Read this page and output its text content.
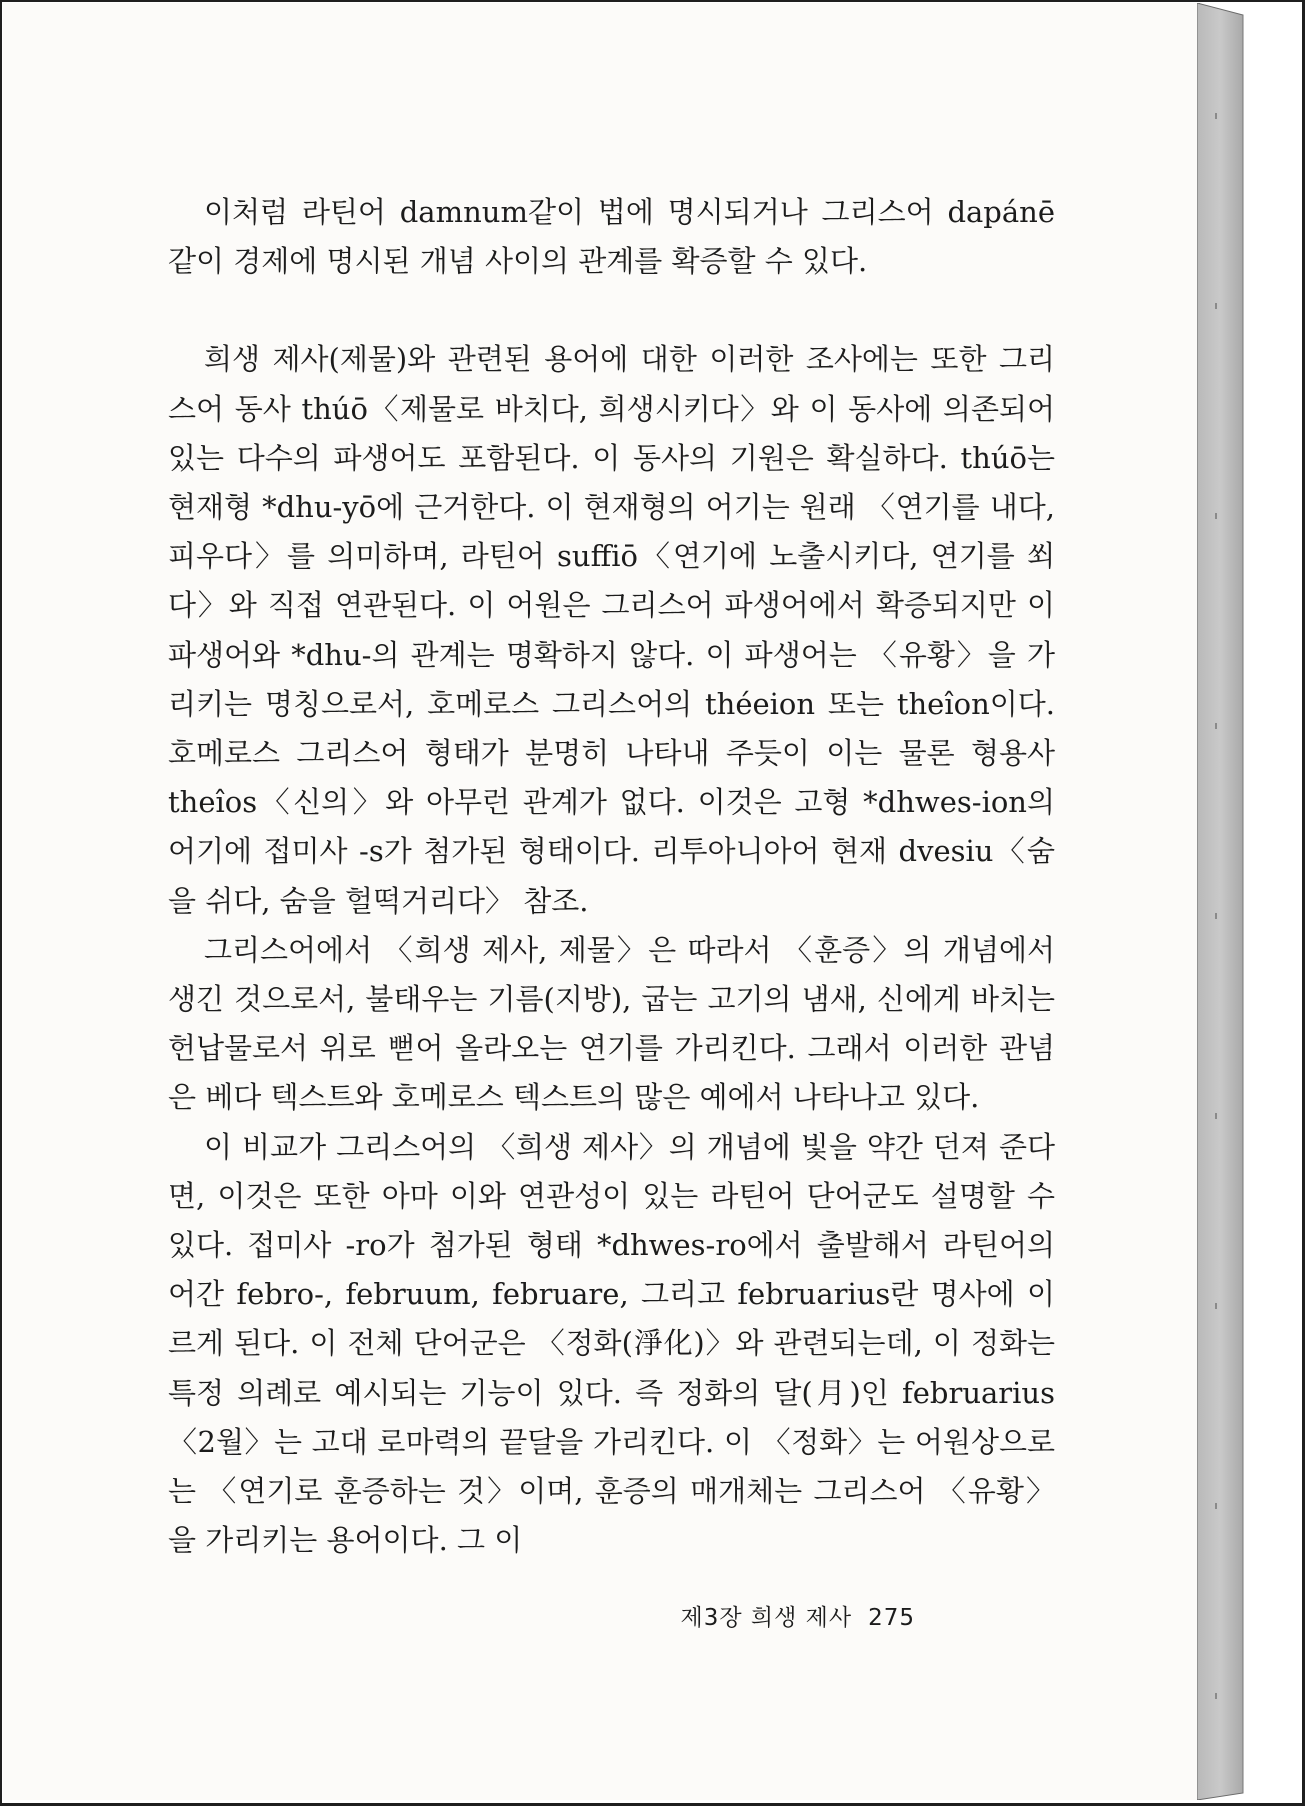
이처럼 라틴어 damnum같이 법에 명시되거나 그리스어 dapánē같이 경제에 명시된 개념 사이의 관계를 확증할 수 있다.

희생 제사(제물)와 관련된 용어에 대한 이러한 조사에는 또한 그리스어 동사 thúō〈제물로 바치다, 희생시키다〉와 이 동사에 의존되어 있는 다수의 파생어도 포함된다. 이 동사의 기원은 확실하다. thúō는 현재형 *dhu-yō에 근거한다. 이 현재형의 어기는 원래 〈연기를 내다, 피우다〉를 의미하며, 라틴어 suffiō〈연기에 노출시키다, 연기를 쐬다〉와 직접 연관된다. 이 어원은 그리스어 파생어에서 확증되지만 이 파생어와 *dhu-의 관계는 명확하지 않다. 이 파생어는 〈유황〉을 가리키는 명칭으로서, 호메로스 그리스어의 théeion 또는 theîon이다. 호메로스 그리스어 형태가 분명히 나타내 주듯이 이는 물론 형용사 theîos〈신의〉와 아무런 관계가 없다. 이것은 고형 *dhwes-ion의 어기에 접미사 -s가 첨가된 형태이다. 리투아니아어 현재 dvesiu〈숨을 쉬다, 숨을 헐떡거리다〉 참조.

그리스어에서 〈희생 제사, 제물〉은 따라서 〈훈증〉의 개념에서 생긴 것으로서, 불태우는 기름(지방), 굽는 고기의 냄새, 신에게 바치는 헌납물로서 위로 뻗어 올라오는 연기를 가리킨다. 그래서 이러한 관념은 베다 텍스트와 호메로스 텍스트의 많은 예에서 나타나고 있다.

이 비교가 그리스어의 〈희생 제사〉의 개념에 빛을 약간 던져 준다면, 이것은 또한 아마 이와 연관성이 있는 라틴어 단어군도 설명할 수 있다. 접미사 -ro가 첨가된 형태 *dhwes-ro에서 출발해서 라틴어의 어간 febro-, februum, februare, 그리고 februarius란 명사에 이르게 된다. 이 전체 단어군은 〈정화(淨化)〉와 관련되는데, 이 정화는 특정 의례로 예시되는 기능이 있다. 즉 정화의 달(月)인 februarius〈2월〉는 고대 로마력의 끝달을 가리킨다. 이 〈정화〉는 어원상으로는 〈연기로 훈증하는 것〉이며, 훈증의 매개체는 그리스어 〈유황〉을 가리키는 용어이다. 그 이

제3장 희생 제사 275
